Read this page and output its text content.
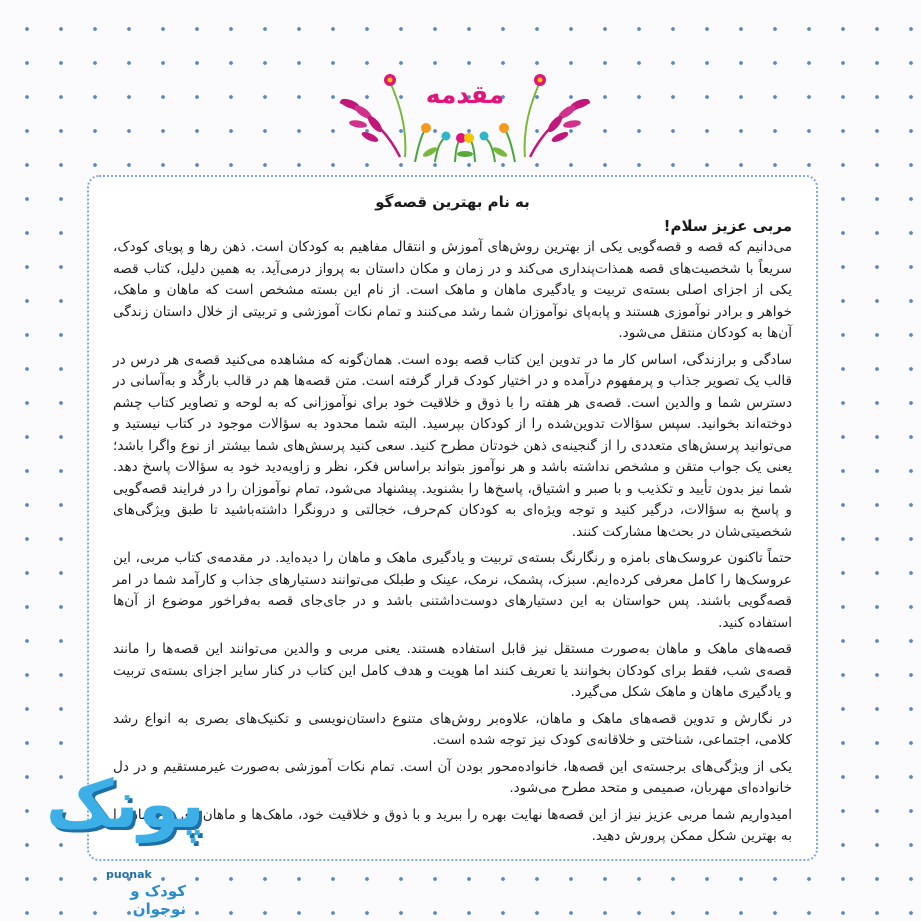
مقدمه
به نام بهترین قصه‌گو
مربی عزیز سلام!

می‌دانیم که قصه و قصه‌گویی یکی از بهترین روش‌های آموزش و انتقال مفاهیم به کودکان است. ذهن رها و پویای کودک، سریعاً با شخصیت‌های قصه همذات‌پنداری می‌کند و در زمان و مکان داستان به پرواز درمی‌آید. به همین دلیل، کتاب قصه یکی از اجزای اصلی بسته‌ی تربیت و یادگیری ماهان و ماهک است. از نام این بسته مشخص است که ماهان و ماهک، خواهر و برادر نوآموزی هستند و پابه‌پای نوآموزان شما رشد می‌کنند و تمام نکات آموزشی و تربیتی از خلال داستان زندگی آن‌ها به کودکان منتقل می‌شود.

سادگی و برازندگی، اساس کار ما در تدوین این کتاب قصه بوده است. همان‌گونه که مشاهده می‌کنید قصه‌ی هر درس در قالب یک تصویر جذاب و پرمفهوم درآمده و در اختیار کودک قرار گرفته است. متن قصه‌ها هم در قالب بارگُد و به‌آسانی در دسترس شما و والدین است. قصه‌ی هر هفته را با ذوق و خلاقیت خود برای نوآموزانی که به لوحه و تصاویر کتاب چشم دوخته‌اند بخوانید. سپس سؤالات تدوین‌شده را از کودکان بپرسید. البته شما محدود به سؤالات موجود در کتاب نیستید و می‌توانید پرسش‌های متعددی را از گنجینه‌ی ذهن خودتان مطرح کنید. سعی کنید پرسش‌های شما بیشتر از نوع واگرا باشد؛ یعنی یک جواب متقن و مشخص نداشته باشد و هر نوآموز بتواند براساس فکر، نظر و زاویه‌دید خود به سؤالات پاسخ دهد. شما نیز بدون تأیید و تکذیب و با صبر و اشتیاق، پاسخ‌ها را بشنوید. پیشنهاد می‌شود، تمام نوآموزان را در فرایند قصه‌گویی و پاسخ به سؤالات، درگیر کنید و توجه ویژه‌ای به کودکان کم‌حرف، خجالتی و درونگرا داشته‌باشید تا طبق ویژگی‌های شخصیتی‌شان در بحث‌ها مشارکت کنند.

حتماً تاکنون عروسک‌های بامزه و رنگارنگ بسته‌ی تربیت و یادگیری ماهک و ماهان را دیده‌اید. در مقدمه‌ی کتاب مربی، این عروسک‌ها را کامل معرفی کرده‌ایم. سبزک، پشمک، نرمک، عینک و طبلک می‌توانند دستیارهای جذاب و کارآمد شما در امر قصه‌گویی باشند. پس حواستان به این دستیارهای دوست‌داشتنی باشد و در جای‌جای قصه به‌فراخور موضوع از آن‌ها استفاده کنید.

قصه‌های ماهک و ماهان به‌صورت مستقل نیز قابل استفاده هستند. یعنی مربی و والدین می‌توانند این قصه‌ها را مانند قصه‌ی شب، فقط برای کودکان بخوانند یا تعریف کنند اما هویت و هدف کامل این کتاب در کنار سایر اجزای بسته‌ی تربیت و یادگیری ماهان و ماهک شکل می‌گیرد.

در نگارش و تدوین قصه‌های ماهک و ماهان، علاوه‌بر روش‌های متنوع داستان‌نویسی و تکنیک‌های بصری به انواع رشد کلامی، اجتماعی، شناختی و خلاقانه‌ی کودک نیز توجه شده است.

یکی از ویژگی‌های برجسته‌ی این قصه‌ها، خانواده‌محور بودن آن است. تمام نکات آموزشی به‌صورت غیرمستقیم و در دل خانواده‌ای مهربان، صمیمی و متحد مطرح می‌شود.

امیدواریم شما مربی عزیز نیز از این قصه‌ها نهایت بهره را ببرید و با ذوق و خلاقیت خود، ماهک‌ها و ماهان‌های عزیزمان را به بهترین شکل ممکن پرورش دهید.

پونک
puonak
کودک و نوجوان
